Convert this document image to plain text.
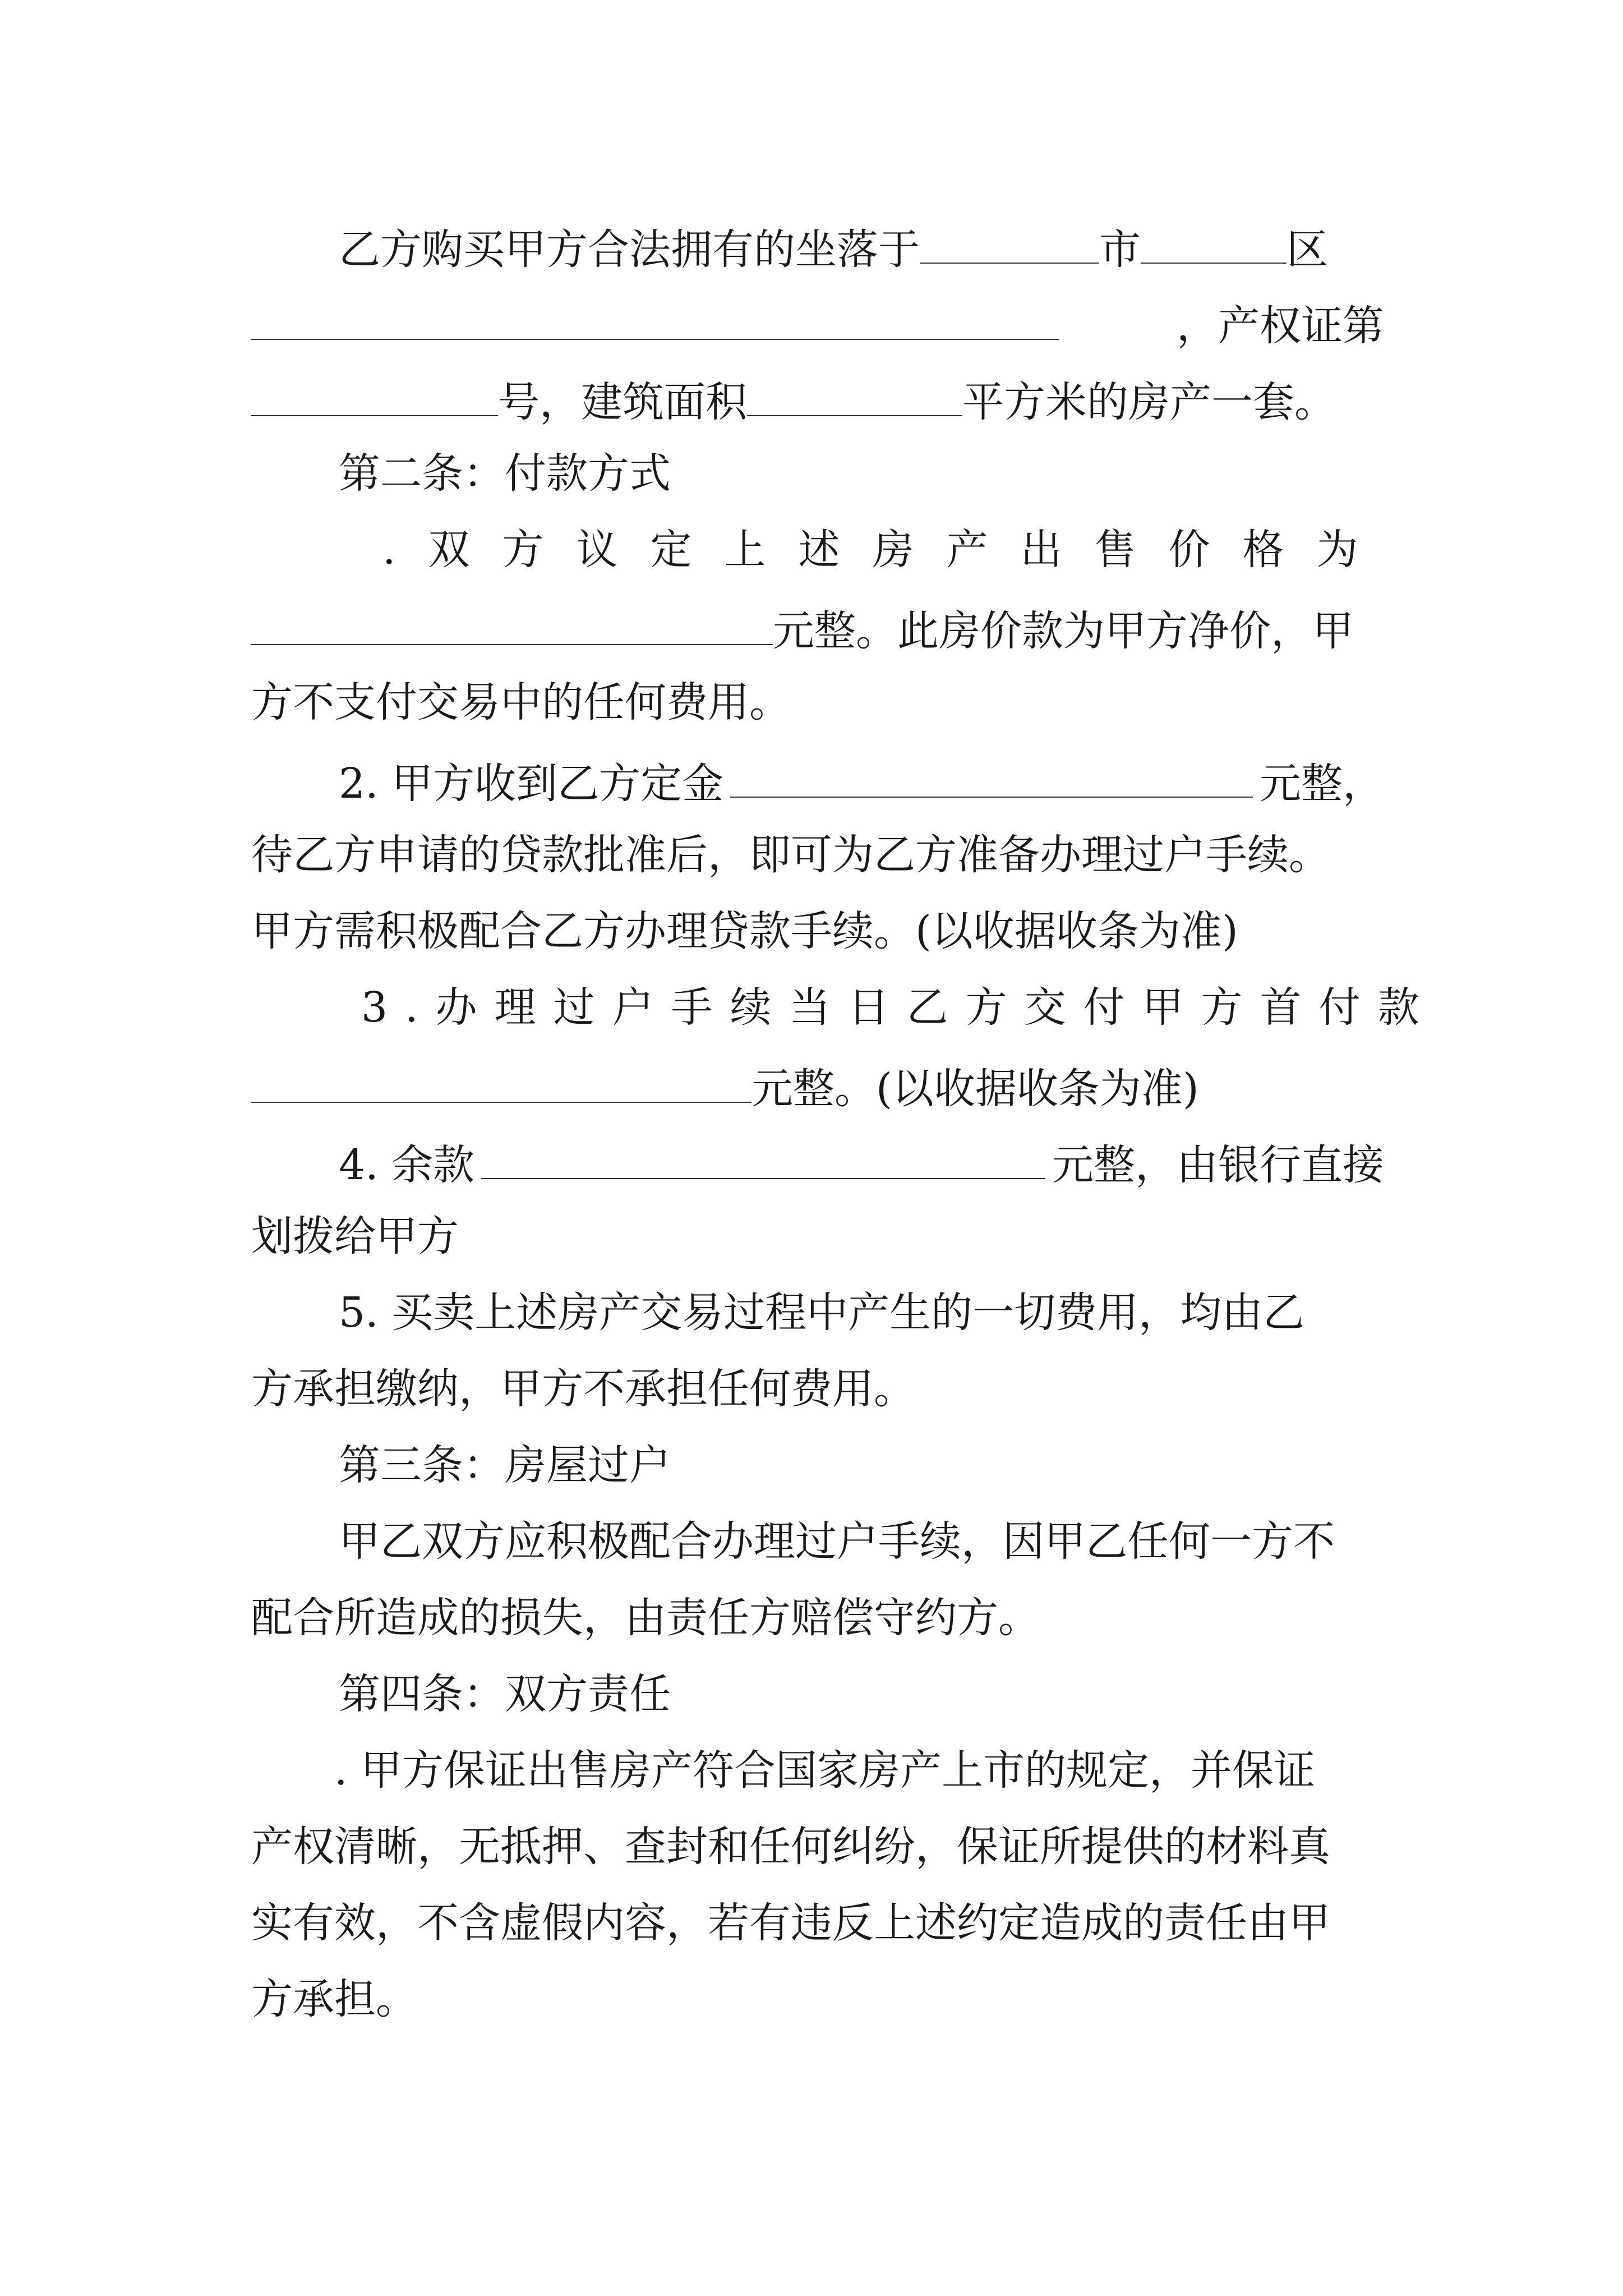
乙方购买甲方合法拥有的坐落于	市	区
，产权证第
号，建筑面积	平方米的房产一套。
第二条：付款方式
.双方议定上述房产出售价格为
元整。此房价款为甲方净价，甲
方不支付交易中的任何费用。
2. 甲方收到乙方定金	元整，
待乙方申请的贷款批准后，即可为乙方准备办理过户手续。
甲方需积极配合乙方办理贷款手续。(以收据收条为准)
3.办理过户手续当日乙方交付甲方首付款
元整。(以收据收条为准)
4. 余款	元整，由银行直接
划拨给甲方
5. 买卖上述房产交易过程中产生的一切费用，均由乙
方承担缴纳，甲方不承担任何费用。
第三条：房屋过户
甲乙双方应积极配合办理过户手续，因甲乙任何一方不
配合所造成的损失，由责任方赔偿守约方。
第四条：双方责任
. 甲方保证出售房产符合国家房产上市的规定，并保证
产权清晰，无抵押、查封和任何纠纷，保证所提供的材料真
实有效，不含虚假内容，若有违反上述约定造成的责任由甲
方承担。
